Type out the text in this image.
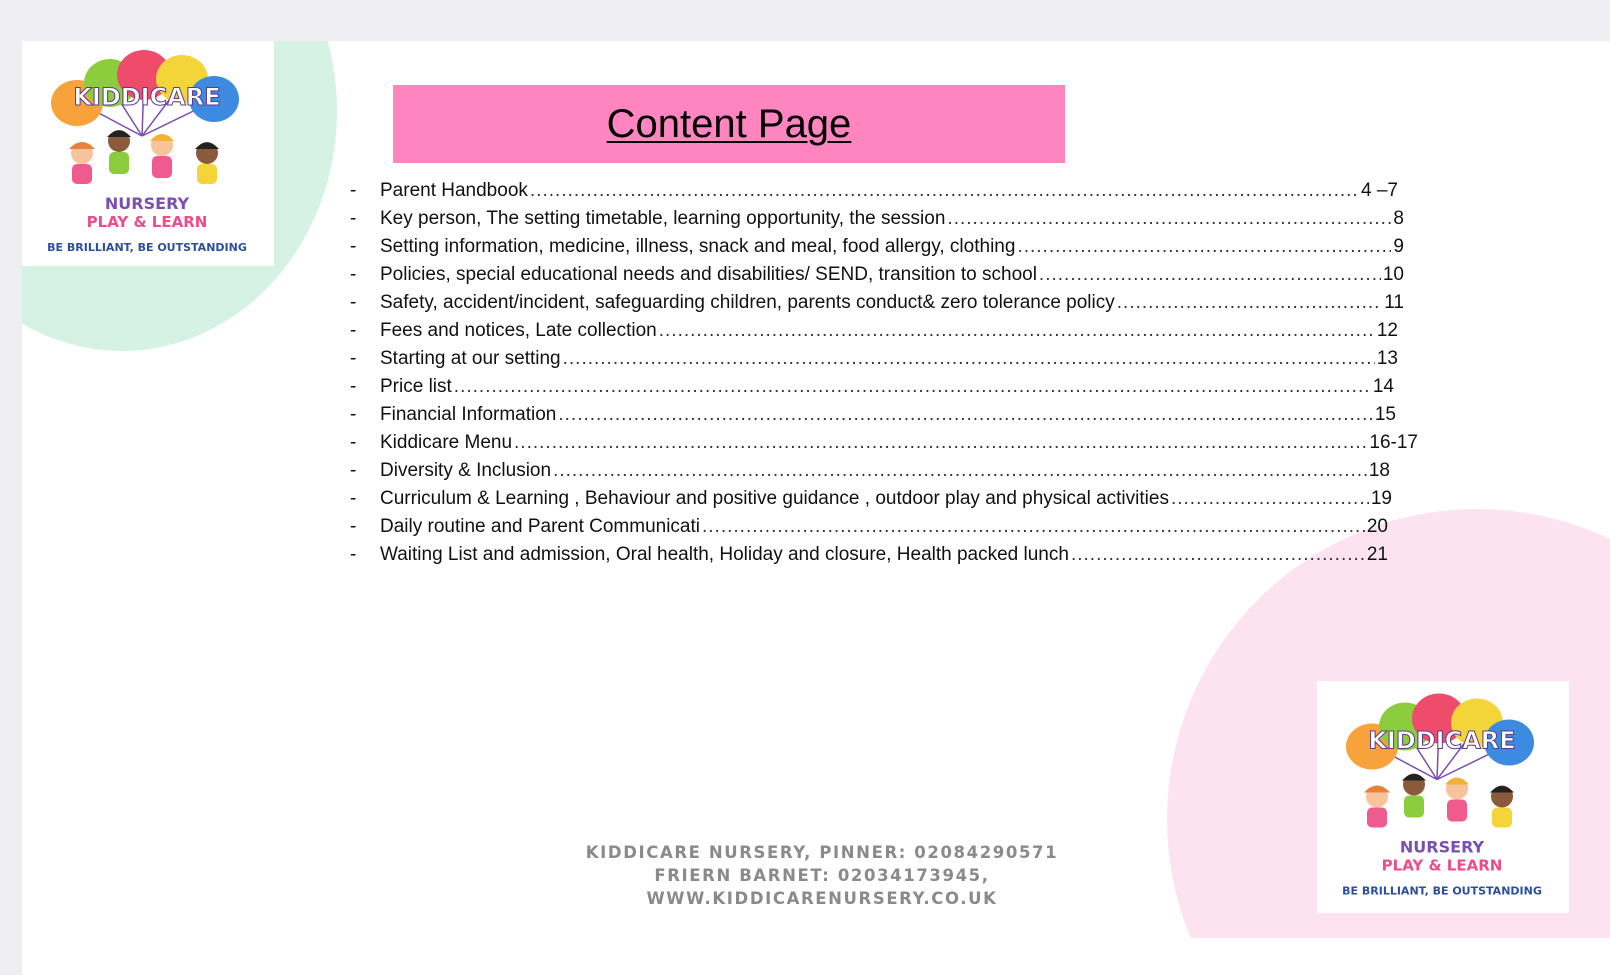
KIDDICARE
NURSERY
PLAY & LEARN
BE BRILLIANT, BE OUTSTANDING
KIDDICARE
NURSERY
PLAY & LEARN
BE BRILLIANT, BE OUTSTANDING
Content Page
-	Parent Handbook .....	4 –7
-	Key person, The setting timetable, learning opportunity, the session .....	8
-	Setting information, medicine, illness, snack and meal, food allergy, clothing .....	9
-	Policies, special educational needs and disabilities/ SEND, transition to school .....	10
-	Safety, accident/incident, safeguarding children, parents conduct& zero tolerance policy .....	11
-	Fees and notices, Late collection .....	12
-	Starting at our setting .....	13
-	Price list .....	14
-	Financial Information .....	15
-	Kiddicare Menu .....	16-17
-	Diversity & Inclusion .....	18
-	Curriculum & Learning , Behaviour and positive guidance , outdoor play and physical activities .....	19
-	Daily routine and Parent Communicati .....	20
-	Waiting List and admission, Oral health, Holiday and closure, Health packed lunch .....	21
KIDDICARE NURSERY, PINNER: 02084290571
FRIERN BARNET: 02034173945,
WWW.KIDDICARENURSERY.CO.UK
